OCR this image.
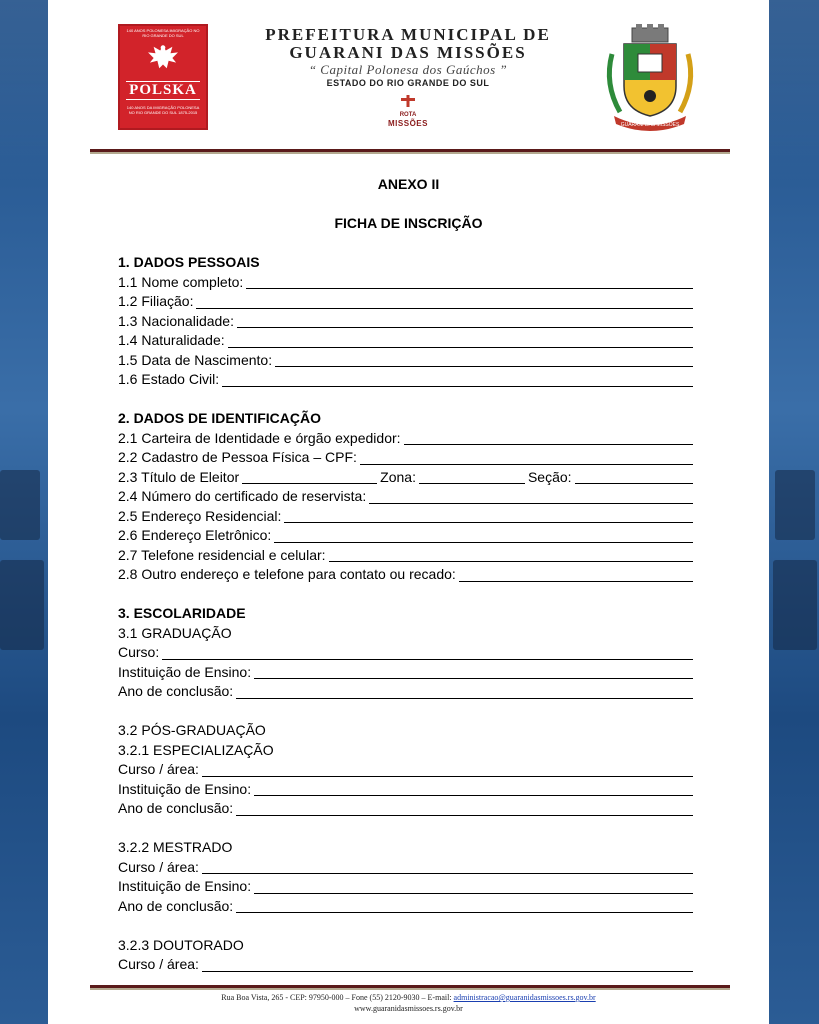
140 ANOS POLONESA IMIGRAÇÃO NO RIO GRANDE DO SUL
POLSKA
140 ANOS DA IMIGRAÇÃO POLONESA NO RIO GRANDE DO SUL 1875-2015
PREFEITURA MUNICIPAL DE
GUARANI DAS MISSÕES
“ Capital Polonesa dos Gaúchos ”
ESTADO DO RIO GRANDE DO SUL
ROTA
MISSÕES	GUARANI DAS MISSÕES
ANEXO II
FICHA DE INSCRIÇÃO
1. DADOS PESSOAIS
1.1 Nome completo:
1.2 Filiação:
1.3 Nacionalidade:
1.4 Naturalidade:
1.5 Data de Nascimento:
1.6 Estado Civil:
2. DADOS DE IDENTIFICAÇÃO
2.1 Carteira de Identidade e órgão expedidor:
2.2 Cadastro de Pessoa Física – CPF:
2.3 Título de Eleitor	Zona:	Seção:
2.4 Número do certificado de reservista:
2.5 Endereço Residencial:
2.6 Endereço Eletrônico:
2.7 Telefone residencial e celular:
2.8 Outro endereço e telefone para contato ou recado:
3. ESCOLARIDADE
3.1 GRADUAÇÃO
Curso:
Instituição de Ensino:
Ano de conclusão:
3.2 PÓS-GRADUAÇÃO
3.2.1 ESPECIALIZAÇÃO
Curso / área:
Instituição de Ensino:
Ano de conclusão:
3.2.2 MESTRADO
Curso / área:
Instituição de Ensino:
Ano de conclusão:
3.2.3 DOUTORADO
Curso / área:
Rua Boa Vista, 265 - CEP: 97950-000 – Fone (55) 2120-9030 – E-mail: administracao@guaranidasmissoes.rs.gov.br
www.guaranidasmissoes.rs.gov.br
